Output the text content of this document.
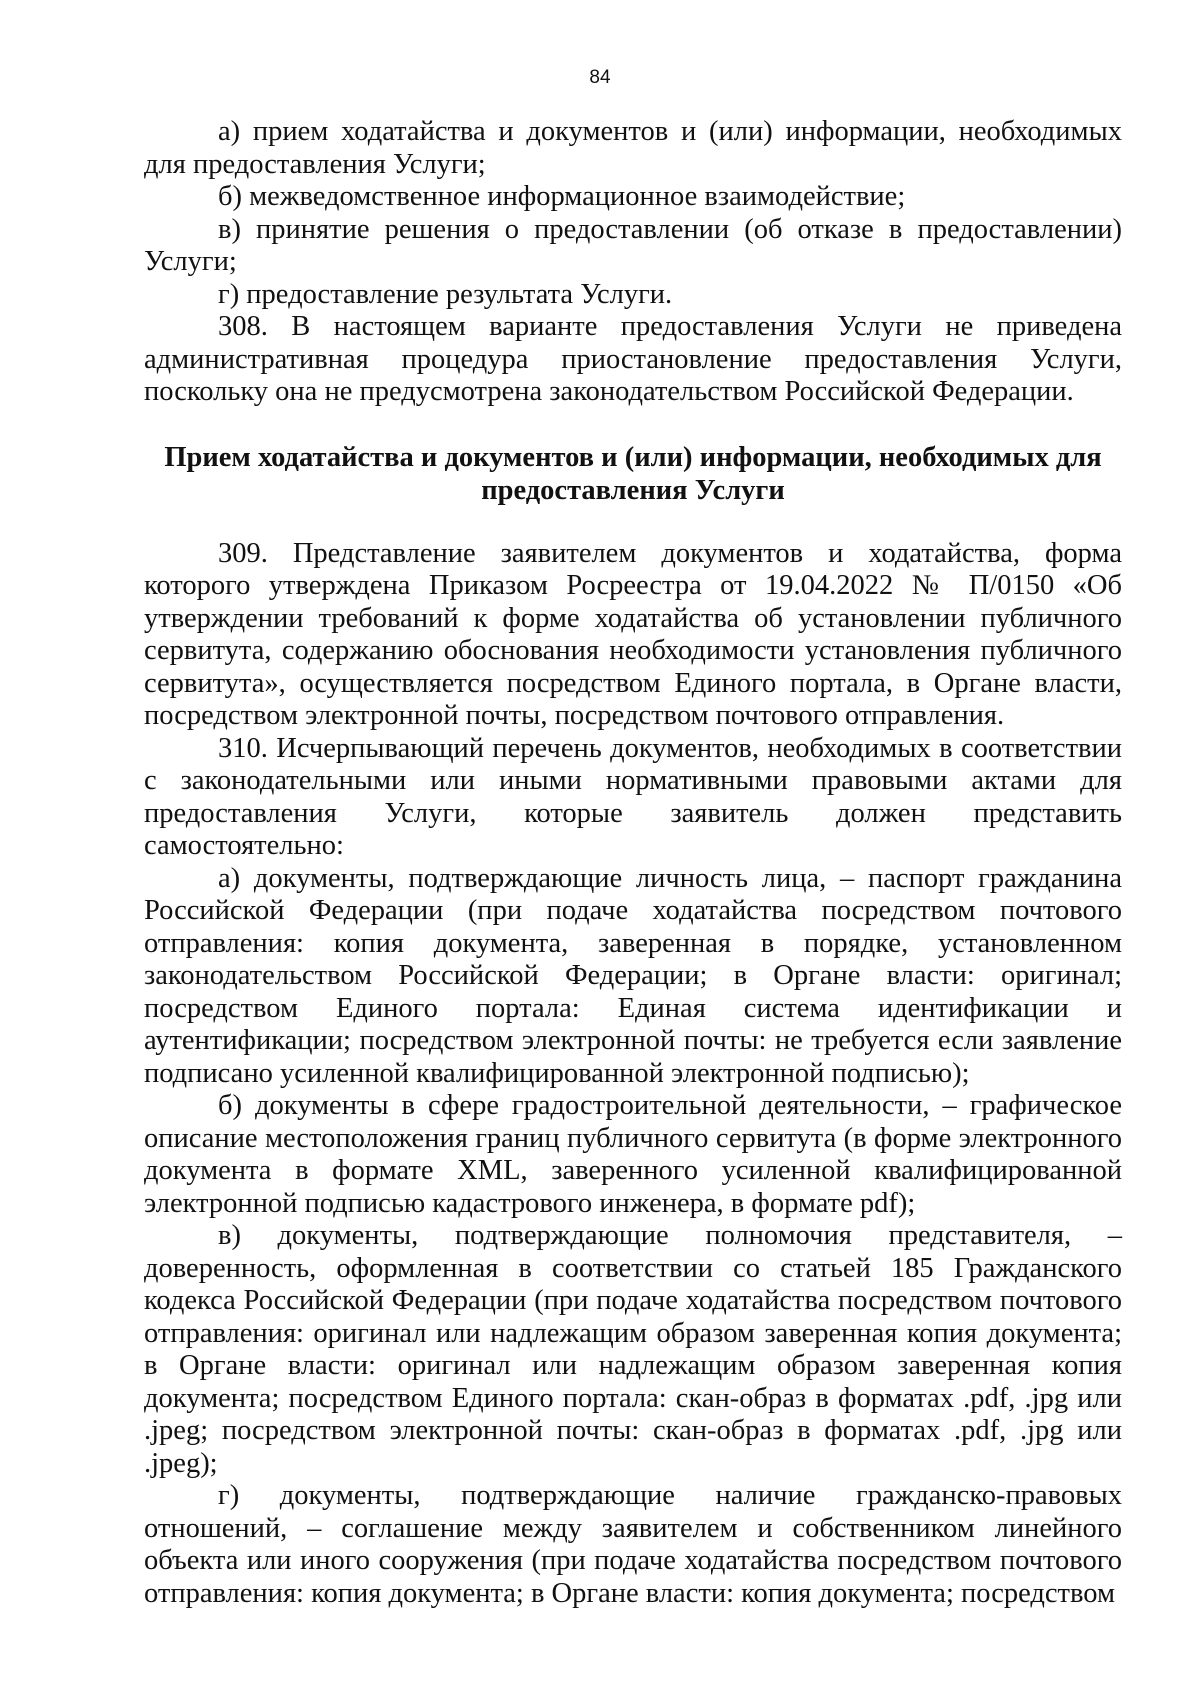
84

а) прием ходатайства и документов и (или) информации, необходимых для предоставления Услуги;

б) межведомственное информационное взаимодействие;

в) принятие решения о предоставлении (об отказе в предоставлении) Услуги;

г) предоставление результата Услуги.

308. В настоящем варианте предоставления Услуги не приведена административная процедура приостановление предоставления Услуги, поскольку она не предусмотрена законодательством Российской Федерации.

Прием ходатайства и документов и (или) информации, необходимых для предоставления Услуги

309. Представление заявителем документов и ходатайства, форма которого утверждена Приказом Росреестра от 19.04.2022 № П/0150 «Об утверждении требований к форме ходатайства об установлении публичного сервитута, содержанию обоснования необходимости установления публичного сервитута», осуществляется посредством Единого портала, в Органе власти, посредством электронной почты, посредством почтового отправления.

310. Исчерпывающий перечень документов, необходимых в соответствии с законодательными или иными нормативными правовыми актами для предоставления Услуги, которые заявитель должен представить самостоятельно:

а) документы, подтверждающие личность лица, – паспорт гражданина Российской Федерации (при подаче ходатайства посредством почтового отправления: копия документа, заверенная в порядке, установленном законодательством Российской Федерации; в Органе власти: оригинал; посредством Единого портала: Единая система идентификации и аутентификации; посредством электронной почты: не требуется если заявление подписано усиленной квалифицированной электронной подписью);

б) документы в сфере градостроительной деятельности, – графическое описание местоположения границ публичного сервитута (в форме электронного документа в формате XML, заверенного усиленной квалифицированной электронной подписью кадастрового инженера, в формате pdf);

в) документы, подтверждающие полномочия представителя, – доверенность, оформленная в соответствии со статьей 185 Гражданского кодекса Российской Федерации (при подаче ходатайства посредством почтового отправления: оригинал или надлежащим образом заверенная копия документа; в Органе власти: оригинал или надлежащим образом заверенная копия документа; посредством Единого портала: скан-образ в форматах .pdf, .jpg или .jpeg; посредством электронной почты: скан-образ в форматах .pdf, .jpg или .jpeg);

г) документы, подтверждающие наличие гражданско-правовых отношений, – соглашение между заявителем и собственником линейного объекта или иного сооружения (при подаче ходатайства посредством почтового отправления: копия документа; в Органе власти: копия документа; посредством
